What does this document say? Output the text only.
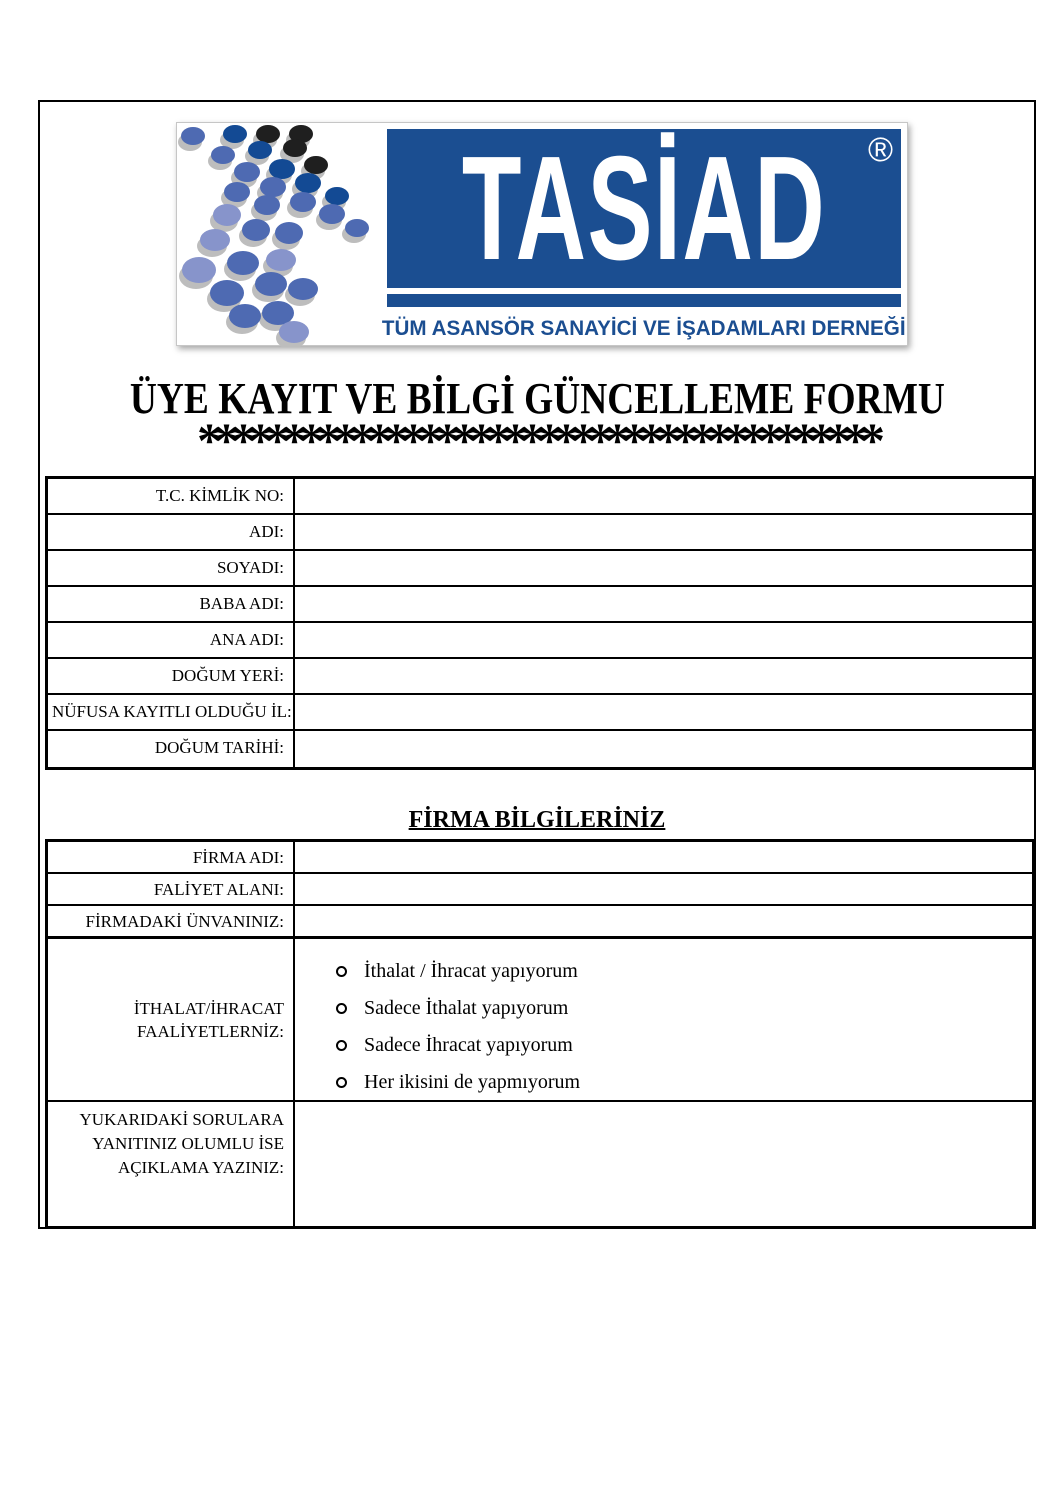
TASİAD ®
TÜM ASANSÖR SANAYİCİ VE İŞADAMLARI DERNEĞİ
ÜYE KAYIT VE BİLGİ GÜNCELLEME FORMU
****************************************
T.C. KİMLİK NO:
ADI:
SOYADI:
BABA ADI:
ANA ADI:
DOĞUM YERİ:
NÜFUSA KAYITLI OLDUĞU İL:
DOĞUM TARİHİ:
FİRMA BİLGİLERİNİZ
FİRMA ADI:
FALİYET ALANI:
FİRMADAKİ ÜNVANINIZ:
İTHALAT/İHRACAT
FAALİYETLERNİZ:
İthalat / İhracat yapıyorum
Sadece İthalat yapıyorum
Sadece İhracat yapıyorum
Her ikisini de yapmıyorum
YUKARIDAKİ SORULARA
YANITINIZ OLUMLU İSE
AÇIKLAMA YAZINIZ:
